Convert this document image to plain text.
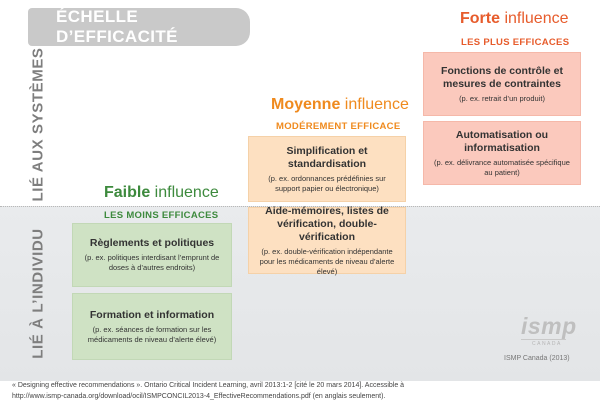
ÉCHELLE D’EFFICACITÉ
LIÉ AUX SYSTÈMES
LIÉ À L’INDIVIDU
Faible influence
LES MOINS EFFICACES
Moyenne influence
MODÉREMENT EFFICACE
Forte influence
LES PLUS EFFICACES
Règlements et politiques
(p. ex. politiques interdisant l’emprunt de doses à d’autres endroits)
Formation et information
(p. ex. séances de formation sur les médicaments de niveau d’alerte élevé)
Simplification et standardisation
(p. ex. ordonnances prédéfinies sur support papier ou électronique)
Aide-mémoires, listes de vérification, double-vérification
(p. ex. double-vérification indépendante pour les médicaments de niveau d’alerte élevé)
Fonctions de contrôle et mesures de contraintes
(p. ex. retrait d’un produit)
Automatisation ou informatisation
(p. ex. délivrance automatisée spécifique au patient)
ismp
CANADA
ISMP Canada (2013)
« Designing effective recommendations ». Ontario Critical Incident Learning, avril 2013:1-2 [cité le 20 mars 2014]. Accessible à
http://www.ismp-canada.org/download/ocil/ISMPCONCIL2013-4_EffectiveRecommendations.pdf (en anglais seulement).
